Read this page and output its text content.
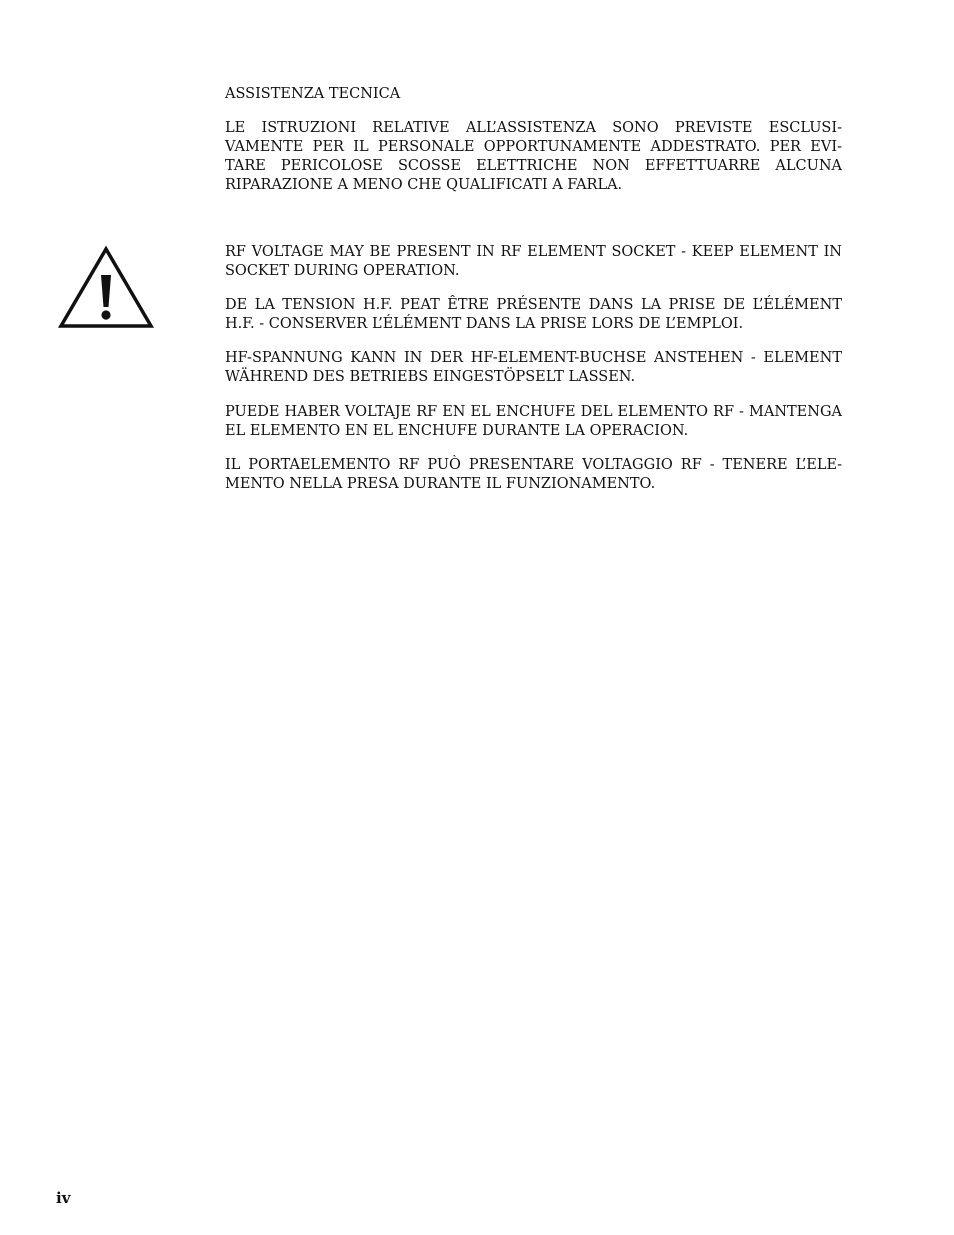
ASSISTENZA TECNICA

LE ISTRUZIONI RELATIVE ALL’ASSISTENZA SONO PREVISTE ESCLUSIVAMENTE PER IL PERSONALE OPPORTUNAMENTE ADDESTRATO. PER EVITARE PERICOLOSE SCOSSE ELETTRICHE NON EFFETTUARRE ALCUNA RIPARAZIONE A MENO CHE QUALIFICATI A FARLA.

RF VOLTAGE MAY BE PRESENT IN RF ELEMENT SOCKET - KEEP ELEMENT IN SOCKET DURING OPERATION.

DE LA TENSION H.F. PEAT ÊTRE PRÉSENTE DANS LA PRISE DE L’ÉLÉMENT H.F. - CONSERVER L’ÉLÉMENT DANS LA PRISE LORS DE L’EMPLOI.

HF-SPANNUNG KANN IN DER HF-ELEMENT-BUCHSE ANSTEHEN - ELEMENT WÄHREND DES BETRIEBS EINGESTÖPSELT LASSEN.

PUEDE HABER VOLTAJE RF EN EL ENCHUFE DEL ELEMENTO RF - MANTENGA EL ELEMENTO EN EL ENCHUFE DURANTE LA OPERACION.

IL PORTAELEMENTO RF PUÒ PRESENTARE VOLTAGGIO RF - TENERE L’ELEMENTO NELLA PRESA DURANTE IL FUNZIONAMENTO.

iv
